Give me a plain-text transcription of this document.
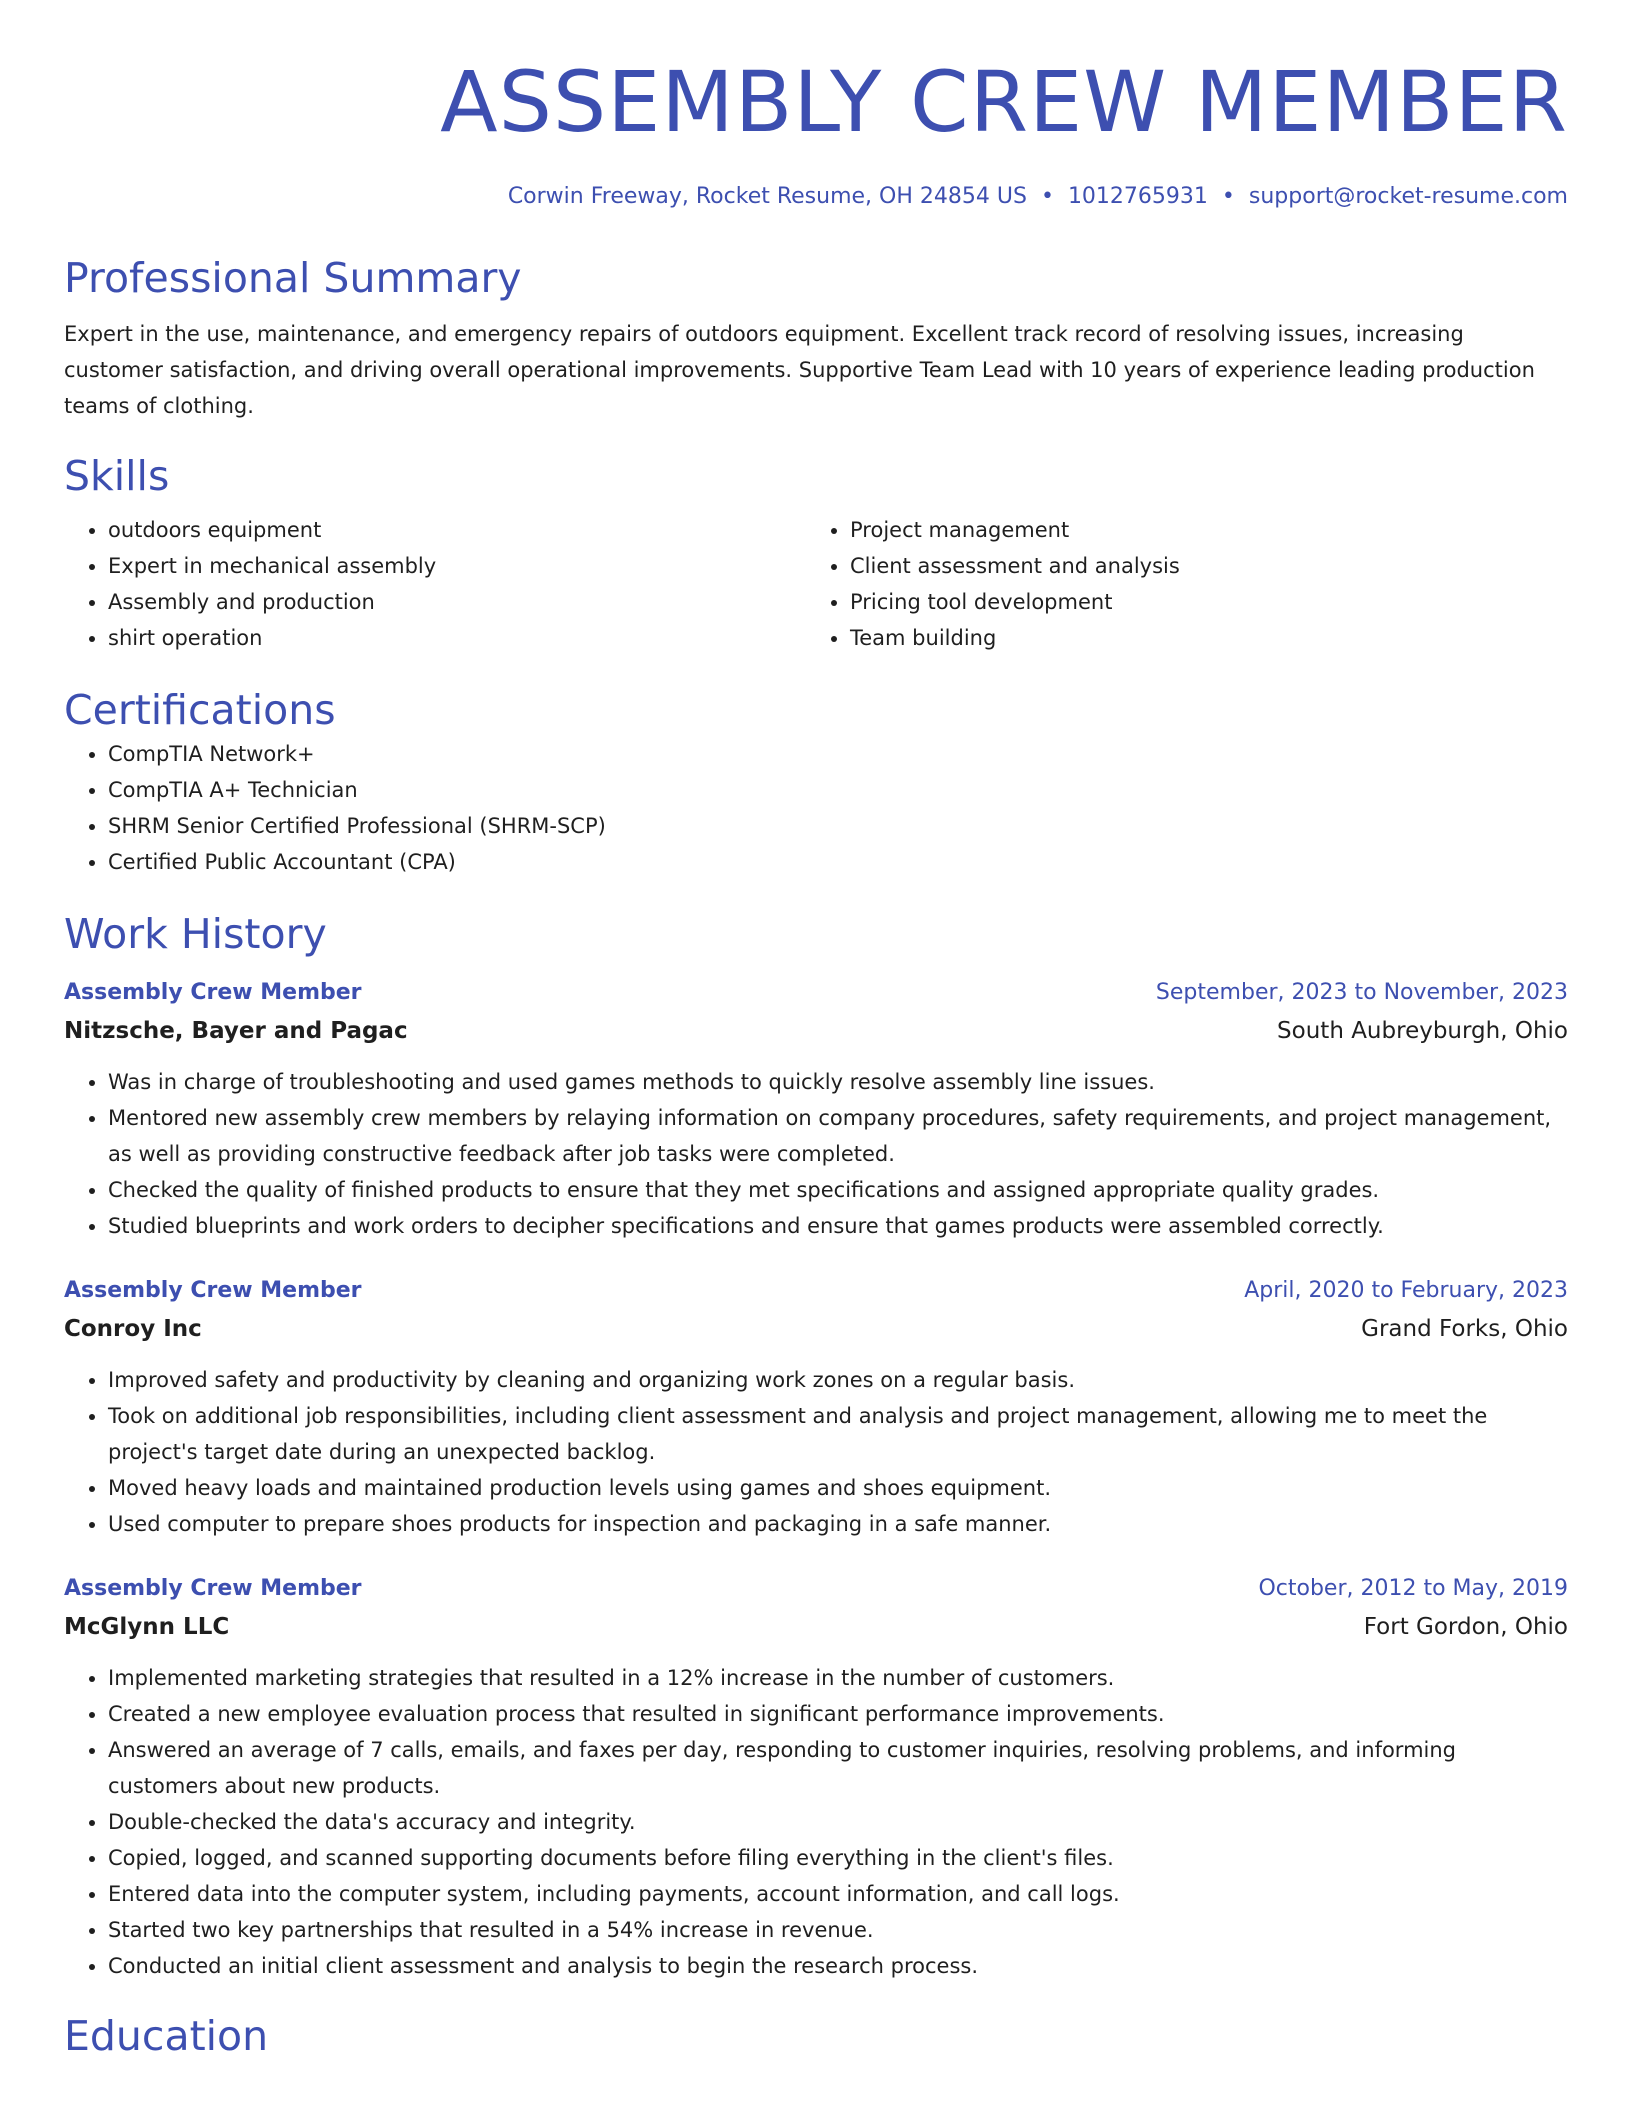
ASSEMBLY CREW MEMBER
Corwin Freeway, Rocket Resume, OH 24854 US • 1012765931 • support@rocket-resume.com
Professional Summary

Expert in the use, maintenance, and emergency repairs of outdoors equipment. Excellent track record of resolving issues, increasing customer satisfaction, and driving overall operational improvements. Supportive Team Lead with 10 years of experience leading production teams of clothing.

Skills
• outdoors equipment
• Expert in mechanical assembly
• Assembly and production
• shirt operation
• Project management
• Client assessment and analysis
• Pricing tool development
• Team building
Certifications
• CompTIA Network+
• CompTIA A+ Technician
• SHRM Senior Certified Professional (SHRM-SCP)
• Certified Public Accountant (CPA)
Work History
Assembly Crew Member	September, 2023 to November, 2023
Nitzsche, Bayer and Pagac	South Aubreyburgh, Ohio
• Was in charge of troubleshooting and used games methods to quickly resolve assembly line issues.
• Mentored new assembly crew members by relaying information on company procedures, safety requirements, and project management, as well as providing constructive feedback after job tasks were completed.
• Checked the quality of finished products to ensure that they met specifications and assigned appropriate quality grades.
• Studied blueprints and work orders to decipher specifications and ensure that games products were assembled correctly.
Assembly Crew Member	April, 2020 to February, 2023
Conroy Inc	Grand Forks, Ohio
• Improved safety and productivity by cleaning and organizing work zones on a regular basis.
• Took on additional job responsibilities, including client assessment and analysis and project management, allowing me to meet the project's target date during an unexpected backlog.
• Moved heavy loads and maintained production levels using games and shoes equipment.
• Used computer to prepare shoes products for inspection and packaging in a safe manner.
Assembly Crew Member	October, 2012 to May, 2019
McGlynn LLC	Fort Gordon, Ohio
• Implemented marketing strategies that resulted in a 12% increase in the number of customers.
• Created a new employee evaluation process that resulted in significant performance improvements.
• Answered an average of 7 calls, emails, and faxes per day, responding to customer inquiries, resolving problems, and informing customers about new products.
• Double-checked the data's accuracy and integrity.
• Copied, logged, and scanned supporting documents before filing everything in the client's files.
• Entered data into the computer system, including payments, account information, and call logs.
• Started two key partnerships that resulted in a 54% increase in revenue.
• Conducted an initial client assessment and analysis to begin the research process.
Education
